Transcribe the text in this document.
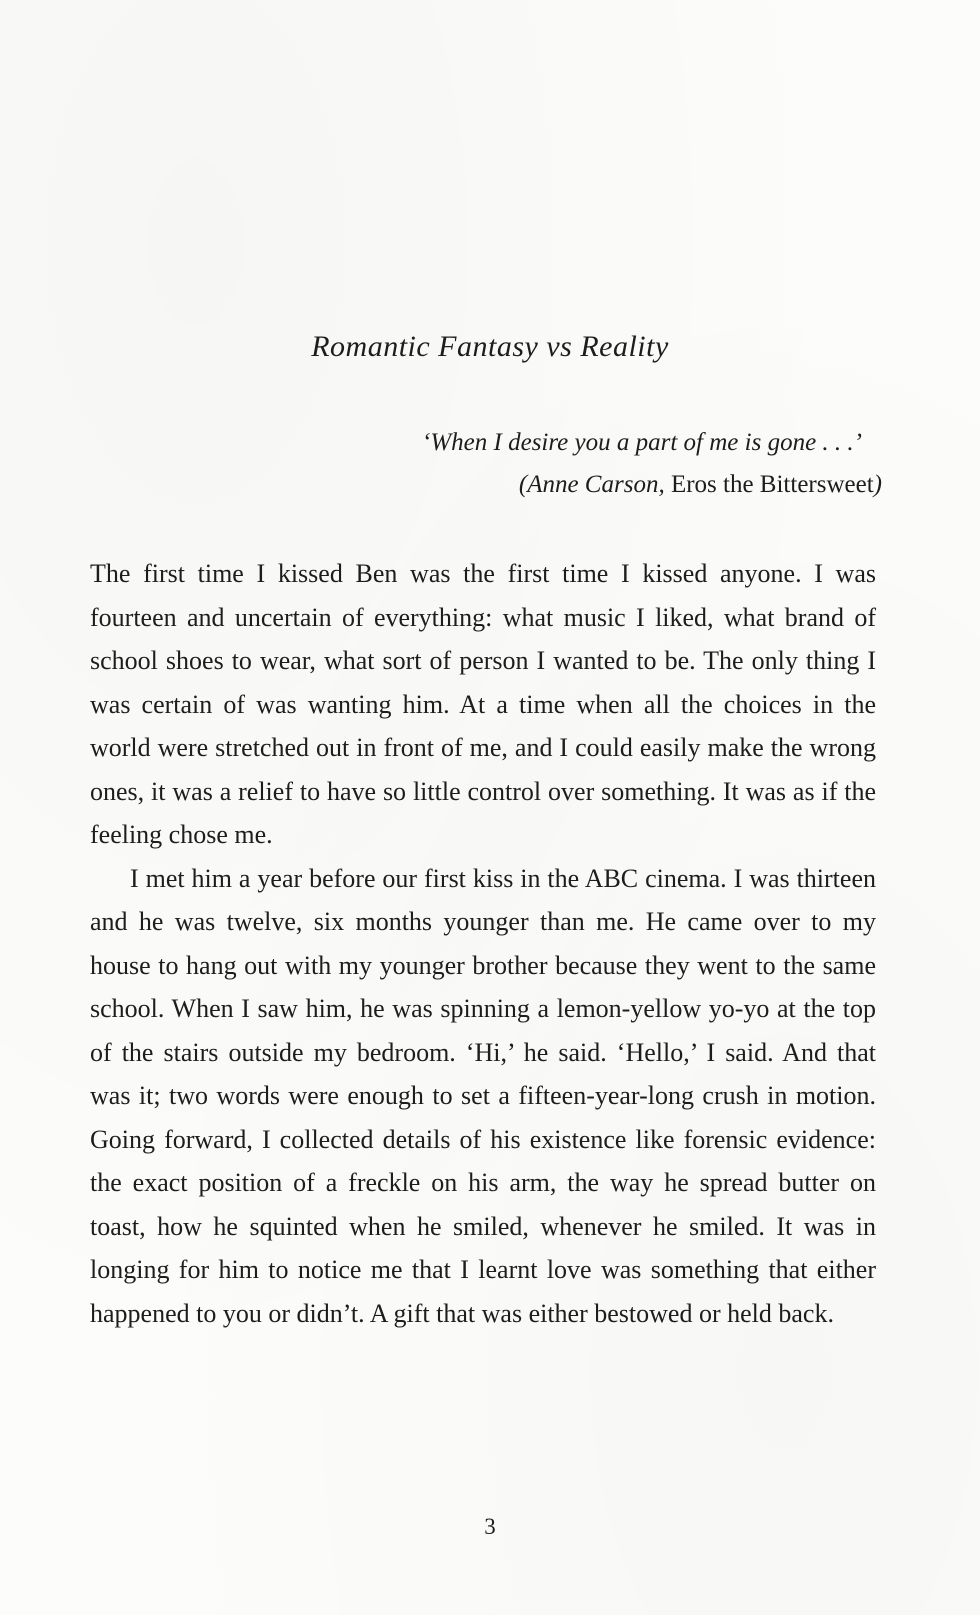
Romantic Fantasy vs Reality
‘When I desire you a part of me is gone . . .’
(Anne Carson, Eros the Bittersweet)

The first time I kissed Ben was the first time I kissed anyone. I was fourteen and uncertain of everything: what music I liked, what brand of school shoes to wear, what sort of person I wanted to be. The only thing I was certain of was wanting him. At a time when all the choices in the world were stretched out in front of me, and I could easily make the wrong ones, it was a relief to have so little control over something. It was as if the feeling chose me.

I met him a year before our first kiss in the ABC cinema. I was thirteen and he was twelve, six months younger than me. He came over to my house to hang out with my younger brother because they went to the same school. When I saw him, he was spinning a lemon-yellow yo-yo at the top of the stairs outside my bedroom. ‘Hi,’ he said. ‘Hello,’ I said. And that was it; two words were enough to set a fifteen-year-long crush in motion. Going forward, I collected details of his existence like forensic evidence: the exact position of a freckle on his arm, the way he spread butter on toast, how he squinted when he smiled, whenever he smiled. It was in longing for him to notice me that I learnt love was something that either happened to you or didn’t. A gift that was either bestowed or held back.

3
